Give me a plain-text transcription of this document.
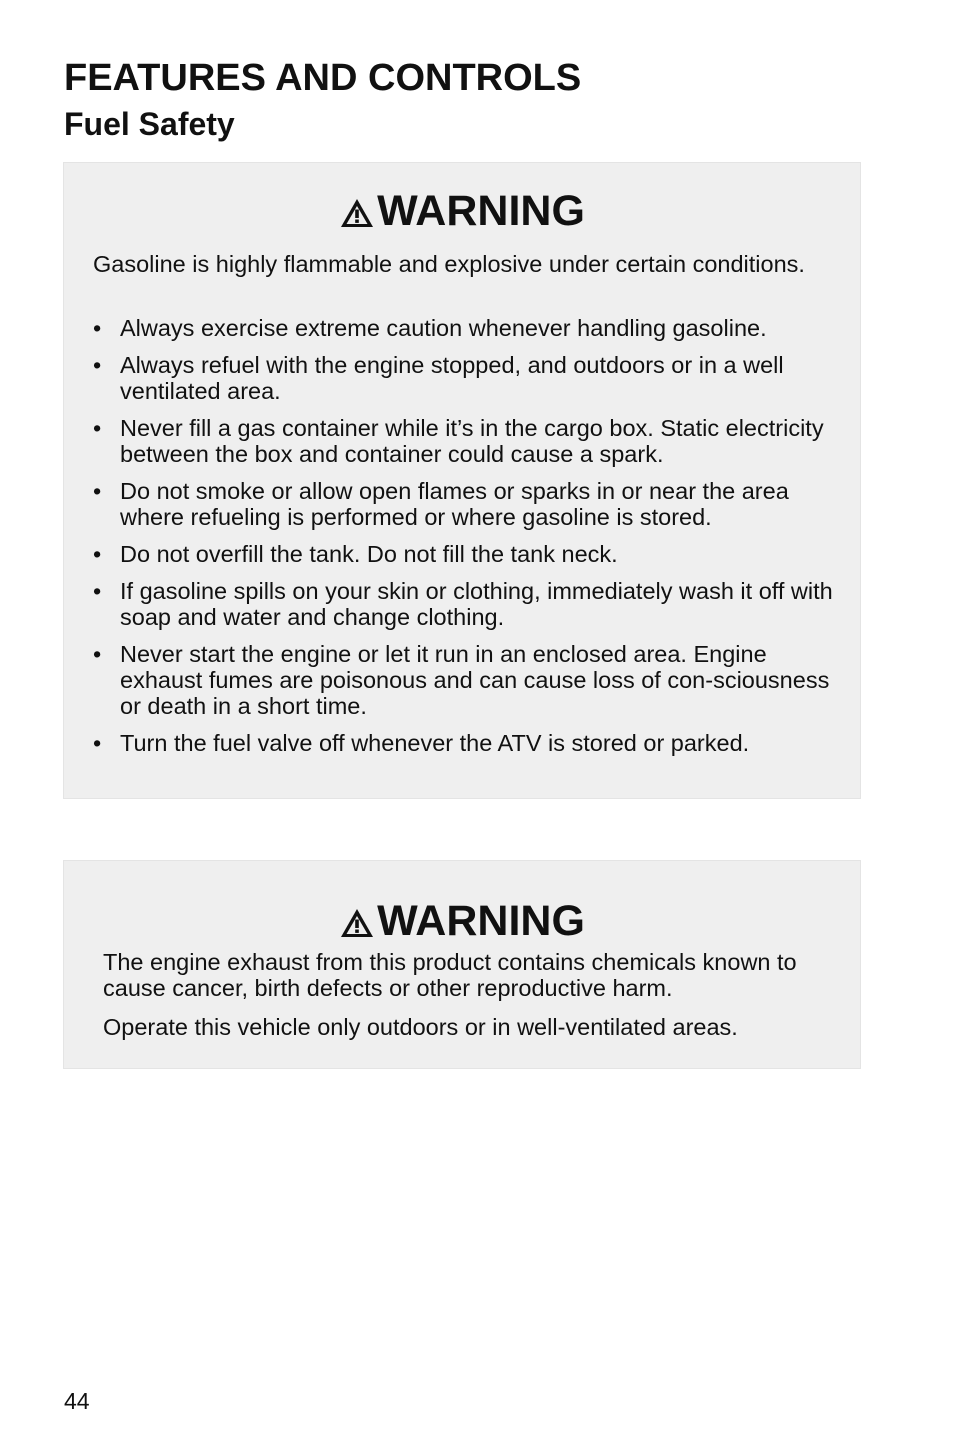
FEATURES AND CONTROLS
Fuel Safety
WARNING

Gasoline is highly flammable and explosive under certain conditions.

• Always exercise extreme caution whenever handling gasoline.
• Always refuel with the engine stopped, and outdoors or in a well ventilated area.
• Never fill a gas container while it’s in the cargo box. Static electricity between the box and container could cause a spark.
• Do not smoke or allow open flames or sparks in or near the area where refueling is performed or where gasoline is stored.
• Do not overfill the tank. Do not fill the tank neck.
• If gasoline spills on your skin or clothing, immediately wash it off with soap and water and change clothing.
• Never start the engine or let it run in an enclosed area. Engine exhaust fumes are poisonous and can cause loss of con-sciousness or death in a short time.
• Turn the fuel valve off whenever the ATV is stored or parked.
WARNING

The engine exhaust from this product contains chemicals known to cause cancer, birth defects or other reproductive harm.

Operate this vehicle only outdoors or in well-ventilated areas.

44
